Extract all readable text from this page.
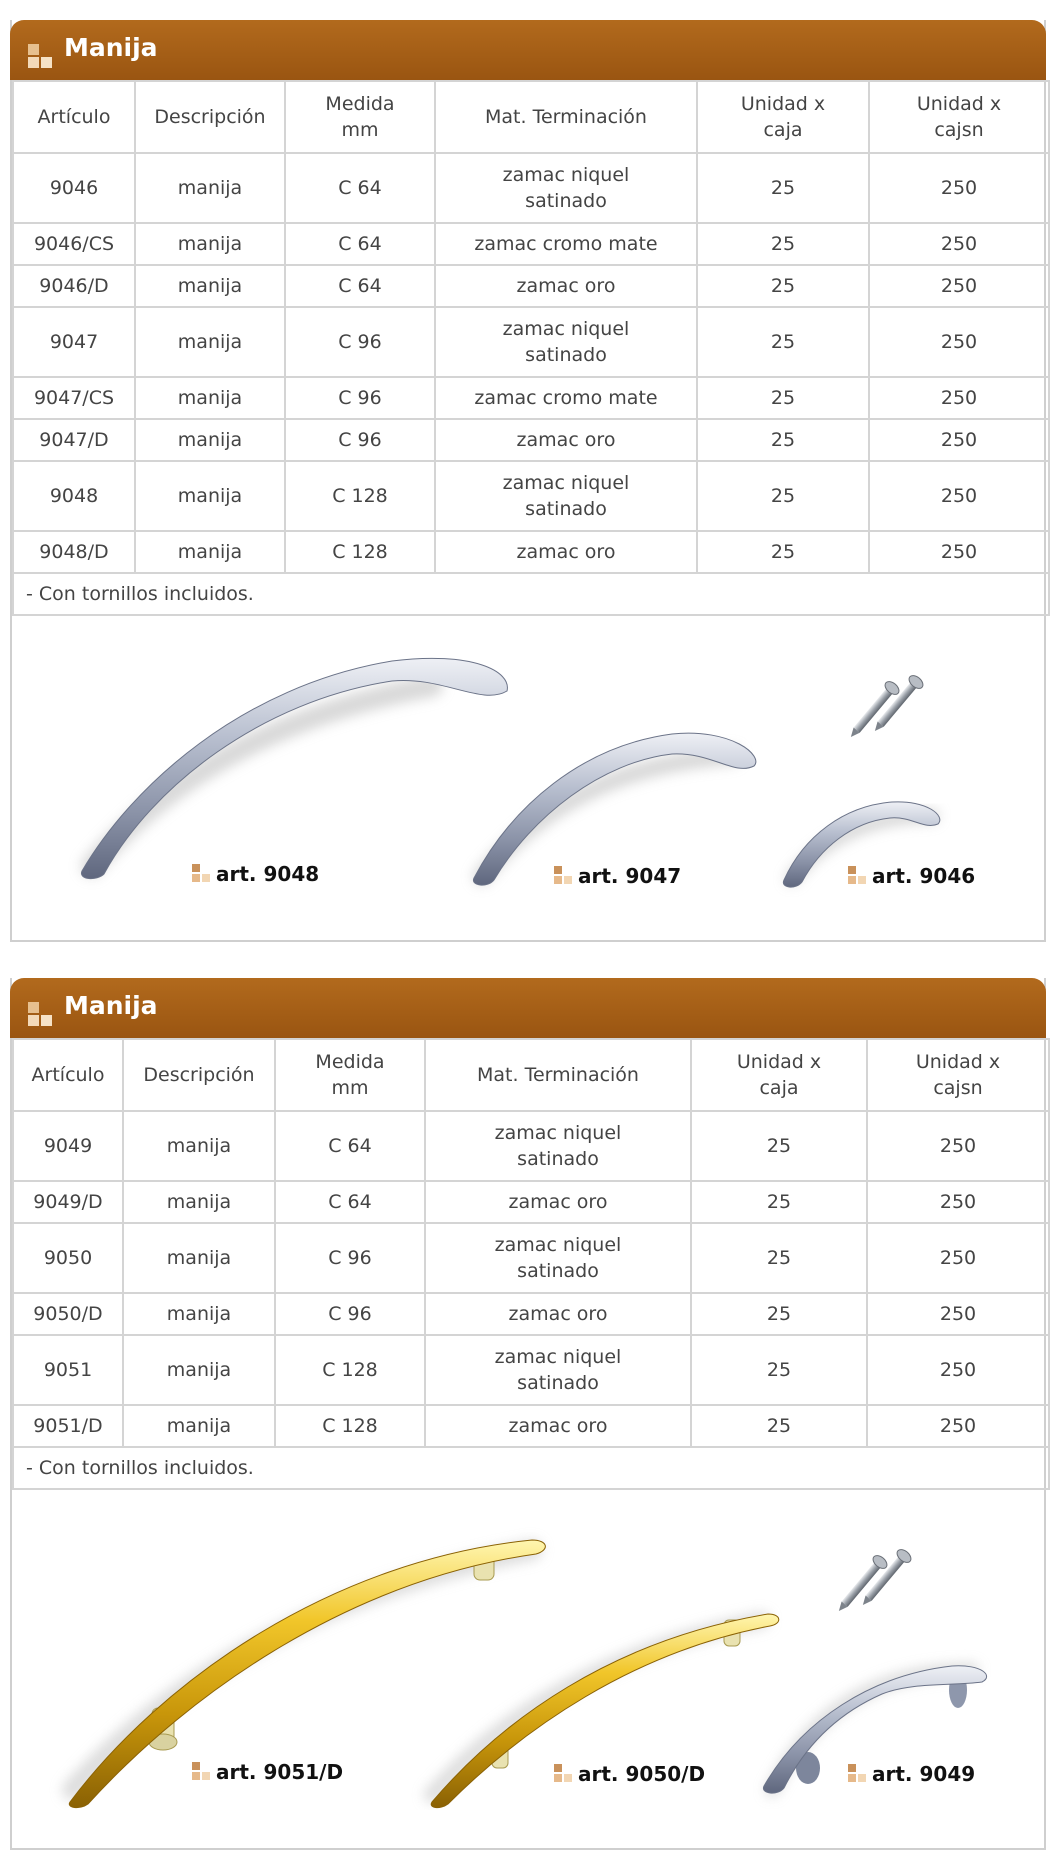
Manija
Artículo	Descripción	Medida mm	Mat. Terminación	Unidad x caja	Unidad x cajsn
9046	manija	C 64	zamac niquel satinado	25	250
9046/CS	manija	C 64	zamac cromo mate	25	250
9046/D	manija	C 64	zamac oro	25	250
9047	manija	C 96	zamac niquel satinado	25	250
9047/CS	manija	C 96	zamac cromo mate	25	250
9047/D	manija	C 96	zamac oro	25	250
9048	manija	C 128	zamac niquel satinado	25	250
9048/D	manija	C 128	zamac oro	25	250
- Con tornillos incluidos.					
art. 9048	art. 9047	art. 9046
Manija
Artículo	Descripción	Medida mm	Mat. Terminación	Unidad x caja	Unidad x cajsn
9049	manija	C 64	zamac niquel satinado	25	250
9049/D	manija	C 64	zamac oro	25	250
9050	manija	C 96	zamac niquel satinado	25	250
9050/D	manija	C 96	zamac oro	25	250
9051	manija	C 128	zamac niquel satinado	25	250
9051/D	manija	C 128	zamac oro	25	250
- Con tornillos incluidos.					
art. 9051/D	art. 9050/D	art. 9049
